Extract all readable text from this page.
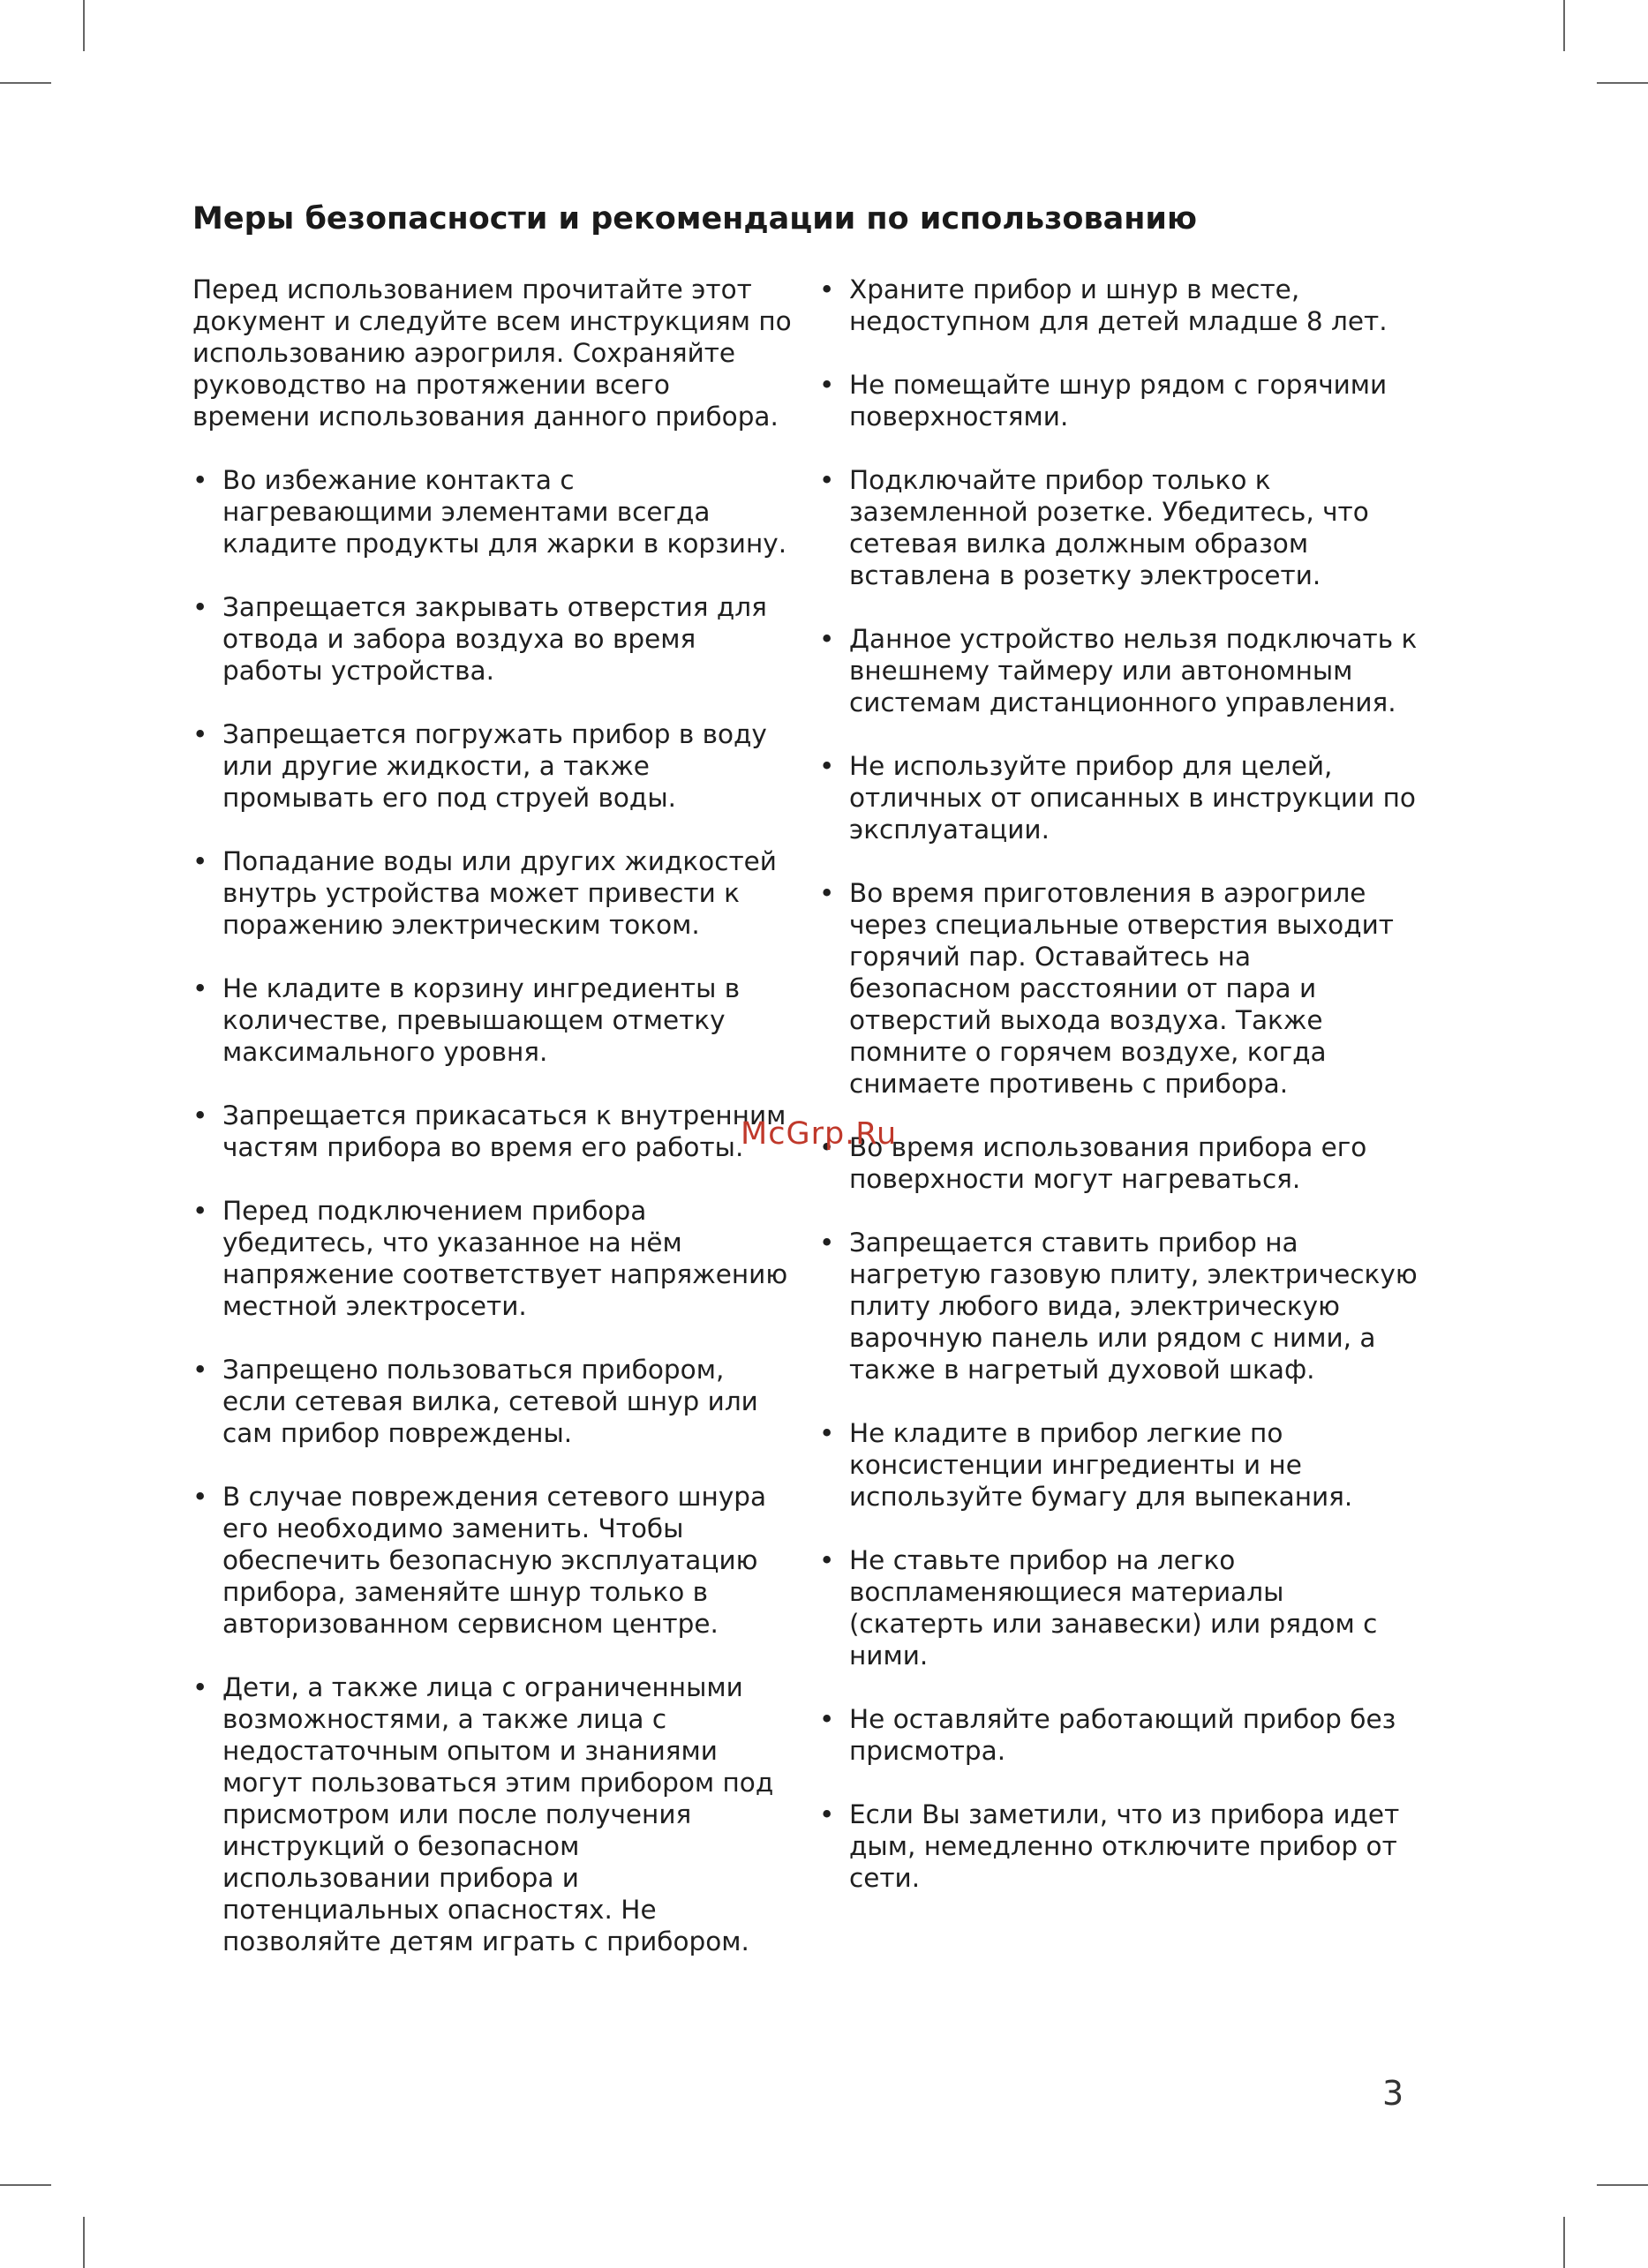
Меры безопасности и рекомендации по использованию

Перед использованием прочитайте этот документ и следуйте всем инструкциям по использованию аэрогриля. Сохраняйте руководство на протяжении всего времени использования данного прибора.

• Во избежание контакта с нагревающими элементами всегда кладите продукты для жарки в корзину.
• Запрещается закрывать отверстия для отвода и забора воздуха во время работы устройства.
• Запрещается погружать прибор в воду или другие жидкости, а также промывать его под струей воды.
• Попадание воды или других жидкостей внутрь устройства может привести к поражению электрическим током.
• Не кладите в корзину ингредиенты в количестве, превышающем отметку максимального уровня.
• Запрещается прикасаться к внутренним частям прибора во время его работы.
• Перед подключением прибора убедитесь, что указанное на нём напряжение соответствует напряжению местной электросети.
• Запрещено пользоваться прибором, если сетевая вилка, сетевой шнур или сам прибор повреждены.
• В случае повреждения сетевого шнура его необходимо заменить. Чтобы обеспечить безопасную эксплуатацию прибора, заменяйте шнур только в авторизованном сервисном центре.
• Дети, а также лица с ограниченными возможностями, а также лица с недостаточным опытом и знаниями могут пользоваться этим прибором под присмотром или после получения инструкций о безопасном использовании прибора и потенциальных опасностях. Не позволяйте детям играть с прибором.
• Храните прибор и шнур в месте, недоступном для детей младше 8 лет.
• Не помещайте шнур рядом с горячими поверхностями.
• Подключайте прибор только к заземленной розетке. Убедитесь, что сетевая вилка должным образом вставлена в розетку электросети.
• Данное устройство нельзя подключать к внешнему таймеру или автономным системам дистанционного управления.
• Не используйте прибор для целей, отличных от описанных в инструкции по эксплуатации.
• Во время приготовления в аэрогриле через специальные отверстия выходит горячий пар. Оставайтесь на безопасном расстоянии от пара и отверстий выхода воздуха. Также помните о горячем воздухе, когда снимаете противень с прибора.
• Во время использования прибора его поверхности могут нагреваться.
• Запрещается ставить прибор на нагретую газовую плиту, электрическую плиту любого вида, электрическую варочную панель или рядом с ними, а также в нагретый духовой шкаф.
• Не кладите в прибор легкие по консистенции ингредиенты и не используйте бумагу для выпекания.
• Не ставьте прибор на легко воспламеняющиеся материалы (скатерть или занавески) или рядом с ними.
• Не оставляйте работающий прибор без присмотра.
• Если Вы заметили, что из прибора идет дым, немедленно отключите прибор от сети.
McGrp.Ru
3
